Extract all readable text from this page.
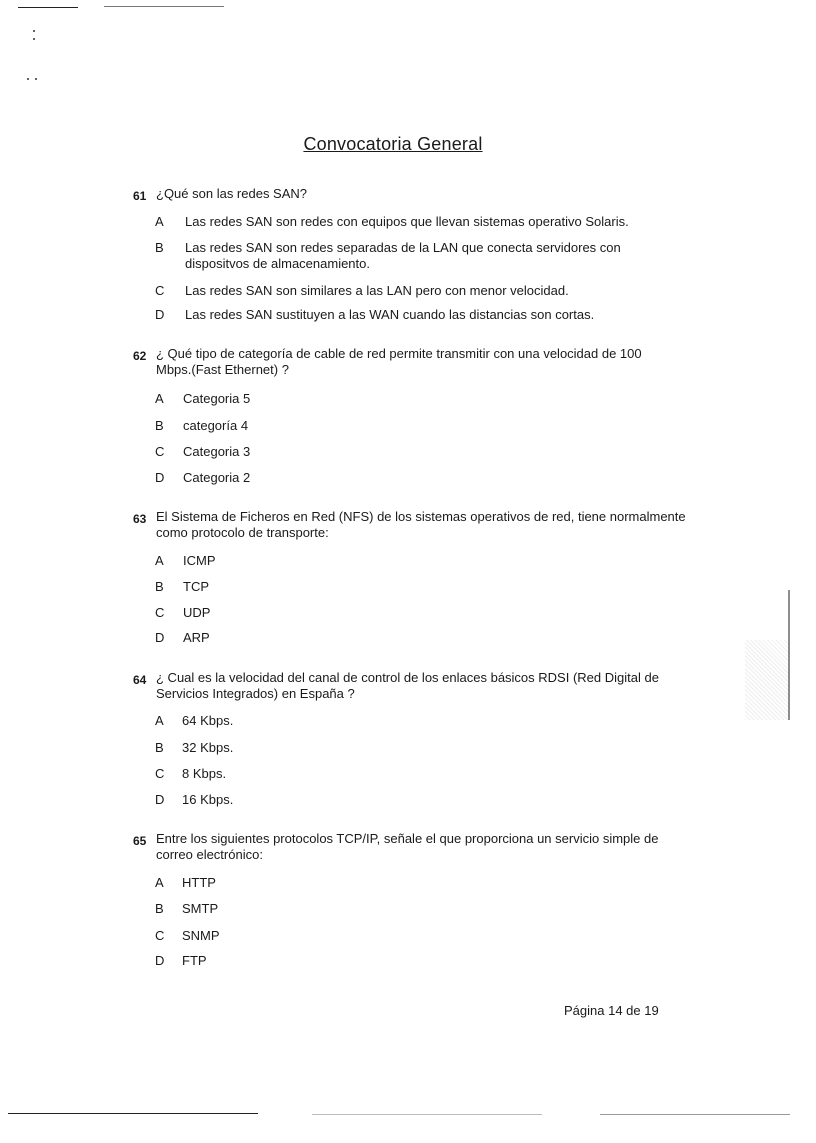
Convocatoria General
61 ¿Qué son las redes SAN?
A Las redes SAN son redes con equipos que llevan sistemas operativo Solaris.
B Las redes SAN son redes separadas de la LAN que conecta servidores con dispositvos de almacenamiento.
C Las redes SAN son similares a las LAN pero con menor velocidad.
D Las redes SAN sustituyen a las WAN cuando las distancias son cortas.
62 ¿ Qué tipo de categoría de cable de red permite transmitir con una velocidad de 100 Mbps.(Fast Ethernet) ?
A Categoria 5
B categoría 4
C Categoria 3
D Categoria 2
63 El Sistema de Ficheros en Red (NFS) de los sistemas operativos de red, tiene normalmente como protocolo de transporte:
A ICMP
B TCP
C UDP
D ARP
64 ¿ Cual es la velocidad del canal de control de los enlaces básicos RDSI (Red Digital de Servicios Integrados) en España ?
A 64 Kbps.
B 32 Kbps.
C 8 Kbps.
D 16 Kbps.
65 Entre los siguientes protocolos TCP/IP, señale el que proporciona un servicio simple de correo electrónico:
A HTTP
B SMTP
C SNMP
D FTP
Página 14 de 19
